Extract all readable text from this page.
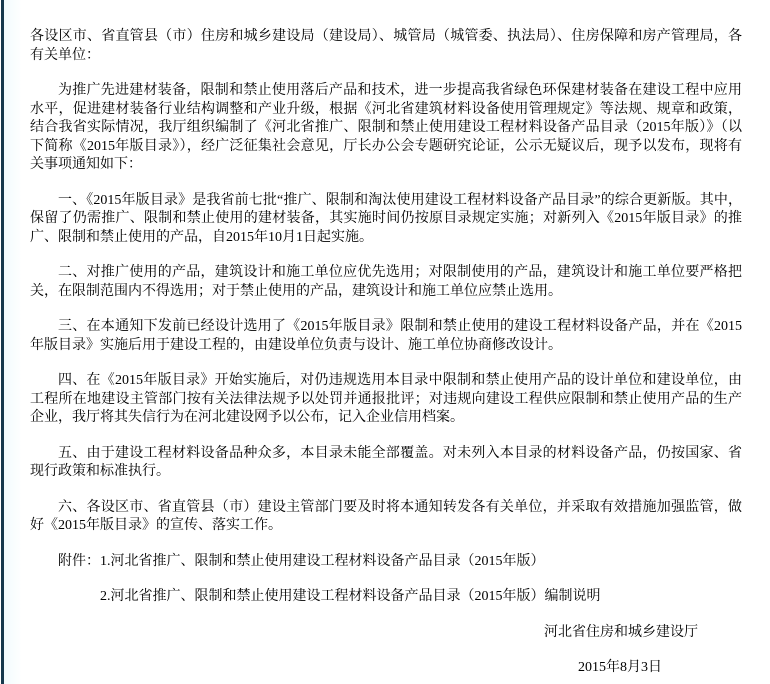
各设区市、省直管县（市）住房和城乡建设局（建设局）、城管局（城管委、执法局）、住房保障和房产管理局，各有关单位：

为推广先进建材装备，限制和禁止使用落后产品和技术，进一步提高我省绿色环保建材装备在建设工程中应用水平，促进建材装备行业结构调整和产业升级，根据《河北省建筑材料设备使用管理规定》等法规、规章和政策，结合我省实际情况，我厅组织编制了《河北省推广、限制和禁止使用建设工程材料设备产品目录（2015年版）》（以下简称《2015年版目录》），经广泛征集社会意见，厅长办公会专题研究论证，公示无疑议后，现予以发布，现将有关事项通知如下：

一、《2015年版目录》是我省前七批“推广、限制和淘汰使用建设工程材料设备产品目录”的综合更新版。其中，保留了仍需推广、限制和禁止使用的建材装备，其实施时间仍按原目录规定实施；对新列入《2015年版目录》的推广、限制和禁止使用的产品，自2015年10月1日起实施。

二、对推广使用的产品，建筑设计和施工单位应优先选用；对限制使用的产品，建筑设计和施工单位要严格把关，在限制范围内不得选用；对于禁止使用的产品，建筑设计和施工单位应禁止选用。

三、在本通知下发前已经设计选用了《2015年版目录》限制和禁止使用的建设工程材料设备产品，并在《2015年版目录》实施后用于建设工程的，由建设单位负责与设计、施工单位协商修改设计。

四、在《2015年版目录》开始实施后，对仍违规选用本目录中限制和禁止使用产品的设计单位和建设单位，由工程所在地建设主管部门按有关法律法规予以处罚并通报批评；对违规向建设工程供应限制和禁止使用产品的生产企业，我厅将其失信行为在河北建设网予以公布，记入企业信用档案。

五、由于建设工程材料设备品种众多，本目录未能全部覆盖。对未列入本目录的材料设备产品，仍按国家、省现行政策和标准执行。

六、各设区市、省直管县（市）建设主管部门要及时将本通知转发各有关单位，并采取有效措施加强监管，做好《2015年版目录》的宣传、落实工作。

附件：1.河北省推广、限制和禁止使用建设工程材料设备产品目录（2015年版）

2.河北省推广、限制和禁止使用建设工程材料设备产品目录（2015年版）编制说明

河北省住房和城乡建设厅

2015年8月3日
